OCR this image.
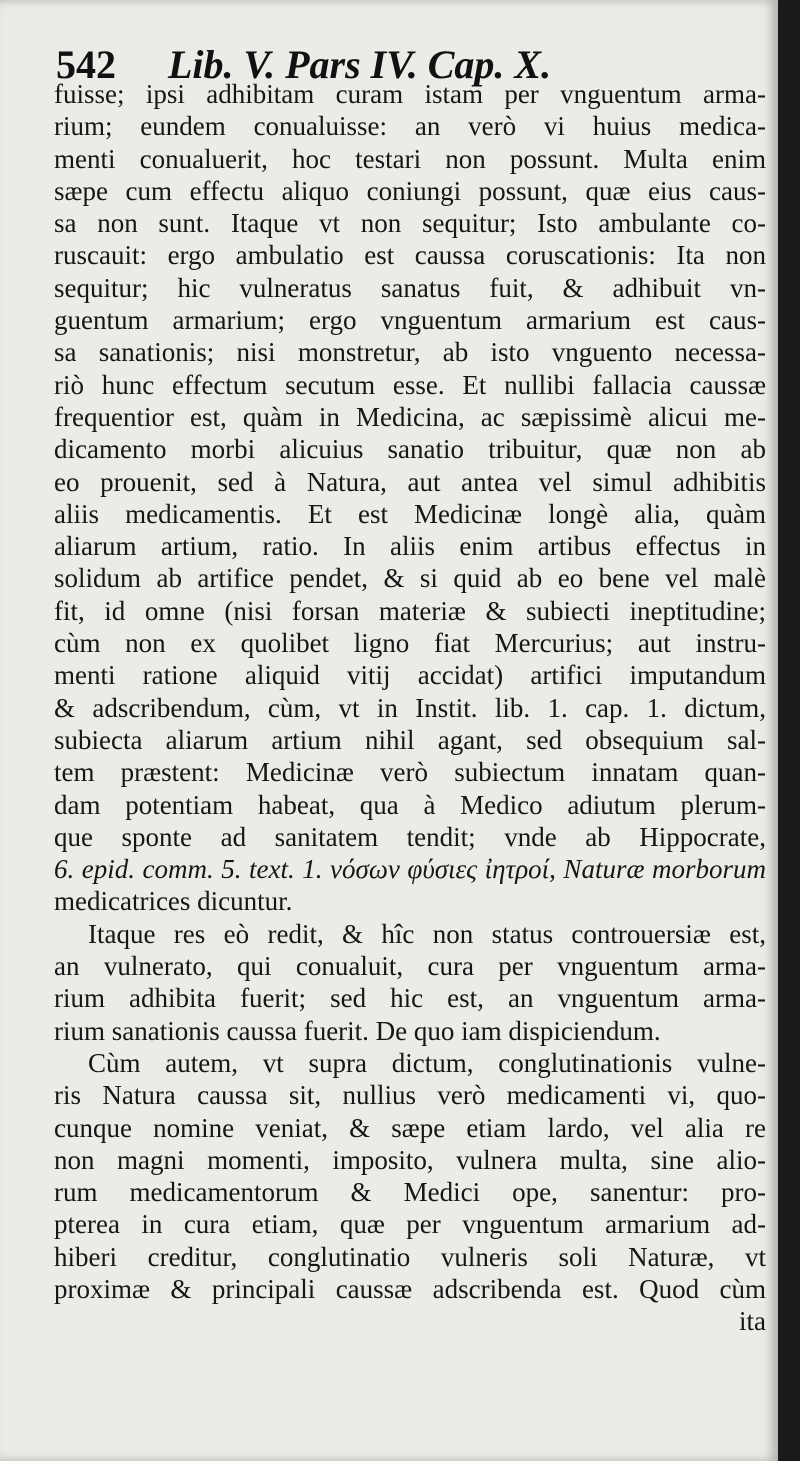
542 Lib. V. Pars IV. Cap. X.
fuisse; ipsi adhibitam curam istam per vnguentum arma-
rium; eundem conualuisse: an verò vi huius medica-
menti conualuerit, hoc testari non possunt. Multa enim
sæpe cum effectu aliquo coniungi possunt, quæ eius caus-
sa non sunt. Itaque vt non sequitur; Isto ambulante co-
ruscauit: ergo ambulatio est caussa coruscationis: Ita non
sequitur; hic vulneratus sanatus fuit, & adhibuit vn-
guentum armarium; ergo vnguentum armarium est caus-
sa sanationis; nisi monstretur, ab isto vnguento necessa-
riò hunc effectum secutum esse. Et nullibi fallacia caussæ
frequentior est, quàm in Medicina, ac sæpissimè alicui me-
dicamento morbi alicuius sanatio tribuitur, quæ non ab
eo prouenit, sed à Natura, aut antea vel simul adhibitis
aliis medicamentis. Et est Medicinæ longè alia, quàm
aliarum artium, ratio. In aliis enim artibus effectus in
solidum ab artifice pendet, & si quid ab eo bene vel malè
fit, id omne (nisi forsan materiæ & subiecti ineptitudine;
cùm non ex quolibet ligno fiat Mercurius; aut instru-
menti ratione aliquid vitij accidat) artifici imputandum
& adscribendum, cùm, vt in Instit. lib. 1. cap. 1. dictum,
subiecta aliarum artium nihil agant, sed obsequium sal-
tem præstent: Medicinæ verò subiectum innatam quan-
dam potentiam habeat, qua à Medico adiutum plerum-
que sponte ad sanitatem tendit; vnde ab Hippocrate,
6. epid. comm. 5. text. 1. νόσων φύσιες ἰητροί, Naturæ morborum
medicatrices dicuntur.
Itaque res eò redit, & hîc non status controuersiæ est,
an vulnerato, qui conualuit, cura per vnguentum arma-
rium adhibita fuerit; sed hic est, an vnguentum arma-
rium sanationis caussa fuerit. De quo iam dispiciendum.
Cùm autem, vt supra dictum, conglutinationis vulne-
ris Natura caussa sit, nullius verò medicamenti vi, quo-
cunque nomine veniat, & sæpe etiam lardo, vel alia re
non magni momenti, imposito, vulnera multa, sine alio-
rum medicamentorum & Medici ope, sanentur: pro-
pterea in cura etiam, quæ per vnguentum armarium ad-
hiberi creditur, conglutinatio vulneris soli Naturæ, vt
proximæ & principali caussæ adscribenda est. Quod cùm
ita
